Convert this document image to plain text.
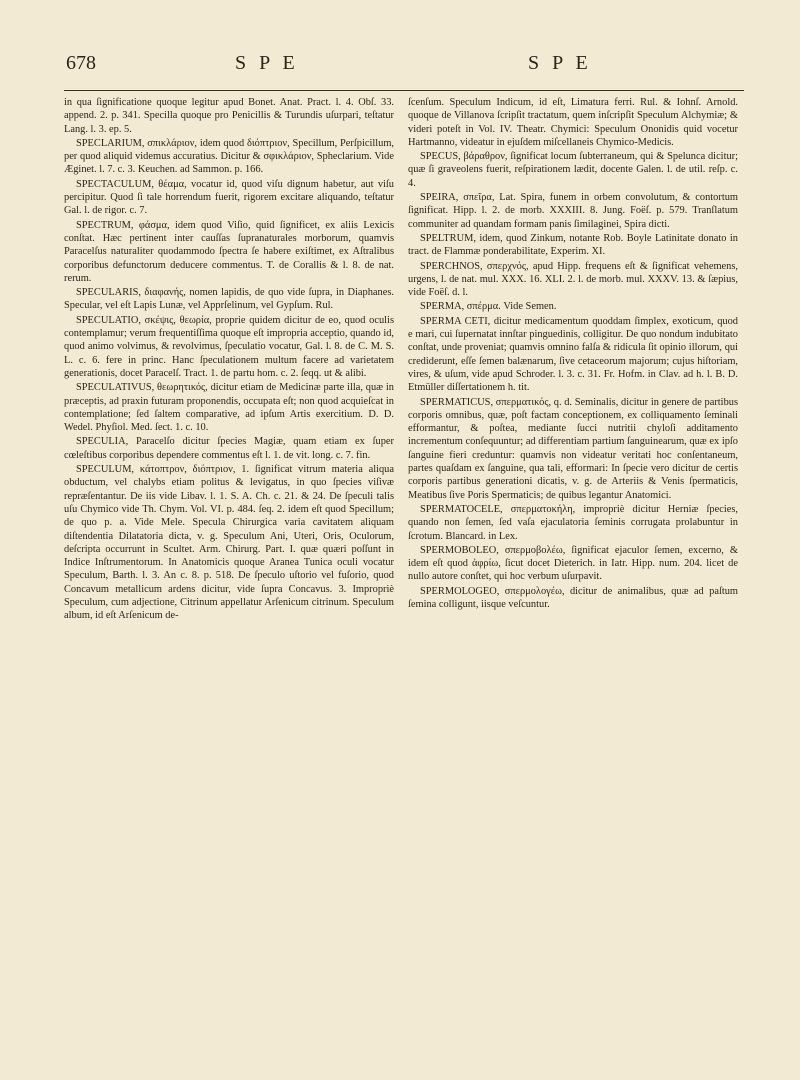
678	S P E	S P E

in qua ſignificatione quoque legitur apud Bonet. Anat. Pract. l. 4. Obſ. 33. append. 2. p. 341. Specilla quoque pro Penicillis & Turundis uſurpari, teſtatur Lang. l. 3. ep. 5.

SPECLARIUM, σπικλάριον, idem quod διόπτριον, Specillum, Perſpicillum, per quod aliquid videmus accuratius. Dicitur & σφικλάριον, Spheclarium. Vide Æginet. l. 7. c. 3. Keuchen. ad Sammon. p. 166.

SPECTACULUM, θέαμα, vocatur id, quod viſu dignum habetur, aut viſu percipitur. Quod ſi tale horrendum fuerit, rigorem excitare aliquando, teſtatur Gal. l. de rigor. c. 7.

SPECTRUM, φάσμα, idem quod Viſio, quid ſignificet, ex aliis Lexicis conſtat. Hæc pertinent inter cauſſas ſupranaturales morborum, quamvis Paracelſus naturaliter quodammodo ſpectra ſe habere exiſtimet, ex Aſtralibus corporibus defunctorum deducere commentus. T. de Corallis & l. 8. de nat. rerum.

SPECULARIS, διαφανής, nomen lapidis, de quo vide ſupra, in Diaphanes. Specular, vel eſt Lapis Lunæ, vel Apprſelinum, vel Gypſum. Rul.

SPECULATIO, σκέψις, θεωρία, proprie quidem dicitur de eo, quod oculis contemplamur; verum frequentiſſima quoque eſt impropria acceptio, quando id, quod animo volvimus, & revolvimus, ſpeculatio vocatur, Gal. l. 8. de C. M. S. L. c. 6. fere in princ. Hanc ſpeculationem multum facere ad varietatem generationis, docet Paracelſ. Tract. 1. de partu hom. c. 2. ſeqq. ut & alibi.

SPECULATIVUS, θεωρητικός, dicitur etiam de Medicinæ parte illa, quæ in præceptis, ad praxin futuram proponendis, occupata eſt; non quod acquieſcat in contemplatione; ſed ſaltem comparative, ad ipſum Artis exercitium. D. D. Wedel. Phyſiol. Med. ſect. 1. c. 10.

SPECULIA, Paracelſo dicitur ſpecies Magiæ, quam etiam ex ſuper cœleſtibus corporibus dependere commentus eſt l. 1. de vit. long. c. 7. fin.

SPECULUM, κάτοπτρον, διόπτριον, 1. ſignificat vitrum materia aliqua obductum, vel chalybs etiam politus & levigatus, in quo ſpecies viſivæ repræſentantur. De iis vide Libav. l. 1. S. A. Ch. c. 21. & 24. De ſpeculi talis uſu Chymico vide Th. Chym. Vol. VI. p. 484. ſeq. 2. idem eſt quod Specillum; de quo p. a. Vide Mele. Specula Chirurgica varia cavitatem aliquam diſtendentia Dilatatoria dicta, v. g. Speculum Ani, Uteri, Oris, Oculorum, deſcripta occurrunt in Scultet. Arm. Chirurg. Part. I. quæ quæri poſſunt in Indice Inſtrumentorum. In Anatomicis quoque Aranea Tunica oculi vocatur Speculum, Barth. l. 3. An c. 8. p. 518. De ſpeculo uſtorio vel fuſorio, quod Concavum metallicum ardens dicitur, vide ſupra Concavus. 3. Impropriè Speculum, cum adjectione, Citrinum appellatur Arſenicum citrinum. Speculum album, id eſt Arſenicum de-

ſcenſum. Speculum Indicum, id eſt, Limatura ferri. Rul. & Iohnſ. Arnold. quoque de Villanova ſcripſit tractatum, quem inſcripſit Speculum Alchymiæ; & videri poteſt in Vol. IV. Theatr. Chymici: Speculum Ononidis quid vocetur Hartmanno, videatur in ejuſdem miſcellaneis Chymico-Medicis.

SPECUS, βάραθρον, ſignificat locum ſubterraneum, qui & Spelunca dicitur; quæ ſi graveolens fuerit, reſpirationem lædit, docente Galen. l. de util. reſp. c. 4.

SPEIRA, σπεῖρα, Lat. Spira, funem in orbem convolutum, & contortum ſignificat. Hipp. l. 2. de morb. XXXIII. 8. Jung. Foëſ. p. 579. Tranſlatum communiter ad quandam formam panis ſimilaginei, Spira dicti.

SPELTRUM, idem, quod Zinkum, notante Rob. Boyle Latinitate donato in tract. de Flammæ ponderabilitate, Experim. XI.

SPERCHNOS, σπερχνός, apud Hipp. frequens eſt & ſignificat vehemens, urgens, l. de nat. mul. XXX. 16. XLI. 2. l. de morb. mul. XXXV. 13. & ſæpius, vide Foëſ. d. l.

SPERMA, σπέρμα. Vide Semen.

SPERMA CETI, dicitur medicamentum quoddam ſimplex, exoticum, quod e mari, cui ſupernatat innſtar pinguedinis, colligitur. De quo nondum indubitato conſtat, unde proveniat; quamvis omnino falſa & ridicula ſit opinio illorum, qui crediderunt, eſſe ſemen balænarum, ſive cetaceorum majorum; cujus hiſtoriam, vires, & uſum, vide apud Schroder. l. 3. c. 31. Fr. Hofm. in Clav. ad h. l. B. D. Etmüller diſſertationem h. tit.

SPERMATICUS, σπερματικός, q. d. Seminalis, dicitur in genere de partibus corporis omnibus, quæ, poſt factam conceptionem, ex colliquamento ſeminali efformantur, & poſtea, mediante ſucci nutritii chyloſi additamento incrementum conſequuntur; ad differentiam partium ſanguinearum, quæ ex ipſo ſanguine fieri creduntur: quamvis non videatur veritati hoc conſentaneum, partes quaſdam ex ſanguine, qua tali, efformari: In ſpecie vero dicitur de certis corporis partibus generationi dicatis, v. g. de Arteriis & Venis ſpermaticis, Meatibus ſive Poris Spermaticis; de quibus legantur Anatomici.

SPERMATOCELE, σπερματοκήλη, impropriè dicitur Herniæ ſpecies, quando non ſemen, ſed vaſa ejaculatoria ſeminis corrugata prolabuntur in ſcrotum. Blancard. in Lex.

SPERMOBOLEO, σπερμοβολέω, ſignificat ejaculor ſemen, excerno, & idem eſt quod ἀφρίω, ſicut docet Dieterich. in Iatr. Hipp. num. 204. licet de nullo autore conſtet, qui hoc verbum uſurpavit.

SPERMOLOGEO, σπερμολογέω, dicitur de animalibus, quæ ad paſtum ſemina colligunt, iisque veſcuntur.
